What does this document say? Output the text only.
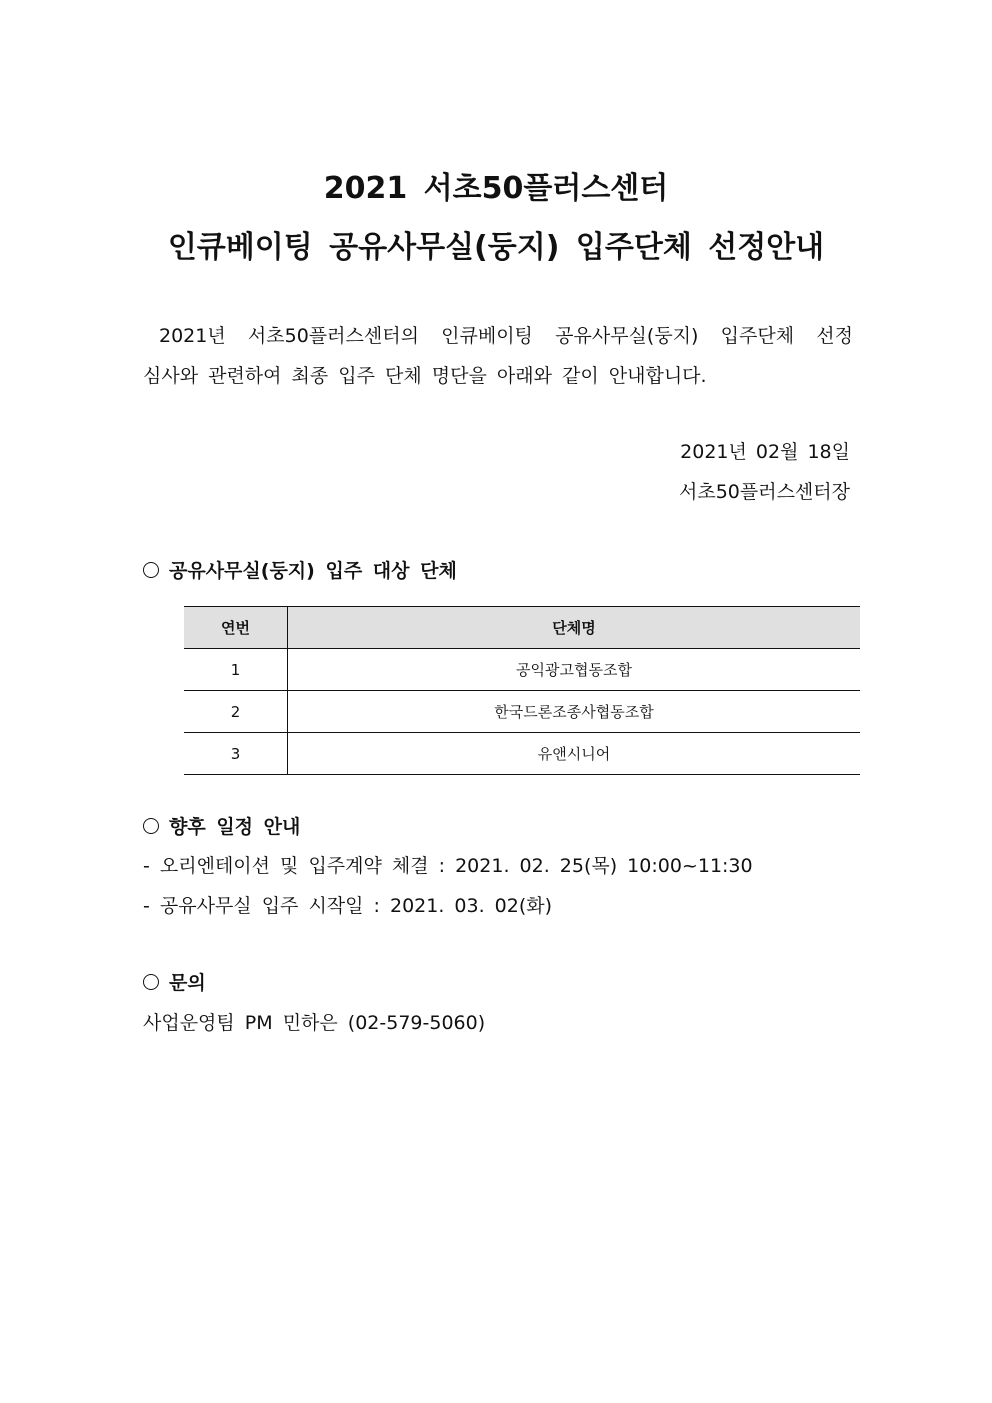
2021 서초50플러스센터
인큐베이팅 공유사무실(둥지) 입주단체 선정안내
2021년 서초50플러스센터의 인큐베이팅 공유사무실(둥지) 입주단체 선정
심사와 관련하여 최종 입주 단체 명단을 아래와 같이 안내합니다.
2021년 02월 18일
서초50플러스센터장
공유사무실(둥지) 입주 대상 단체
연번	단체명
1	공익광고협동조합
2	한국드론조종사협동조합
3	유앤시니어
향후 일정 안내
- 오리엔테이션 및 입주계약 체결 : 2021. 02. 25(목) 10:00~11:30
- 공유사무실 입주 시작일 : 2021. 03. 02(화)
문의
사업운영팀 PM 민하은 (02-579-5060)
